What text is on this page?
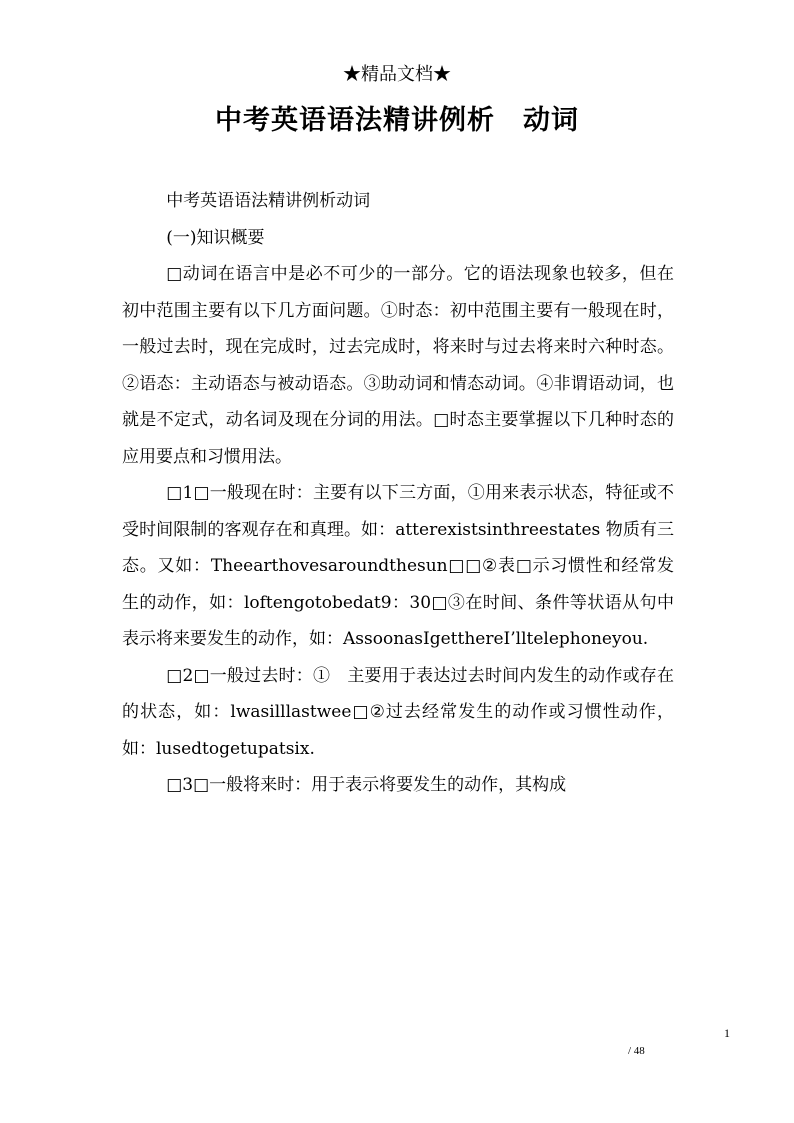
★精品文档★
中考英语语法精讲例析　动词

中考英语语法精讲例析动词

(一)知识概要

□动词在语言中是必不可少的一部分。它的语法现象也较多，但在初中范围主要有以下几方面问题。①时态：初中范围主要有一般现在时，一般过去时，现在完成时，过去完成时，将来时与过去将来时六种时态。②语态：主动语态与被动语态。③助动词和情态动词。④非谓语动词，也就是不定式，动名词及现在分词的用法。□时态主要掌握以下几种时态的应用要点和习惯用法。

□1□一般现在时：主要有以下三方面，①用来表示状态，特征或不受时间限制的客观存在和真理。如：atterexistsinthreestates 物质有三态。又如：Theearthovesaroundthesun□□②表□示习惯性和经常发生的动作，如：loftengotobedat9：30□③在时间、条件等状语从句中表示将来要发生的动作，如：AssoonasIgetthereI’lltelephoneyou.

□2□一般过去时：①　主要用于表达过去时间内发生的动作或存在的状态，如：lwasilllastwee□②过去经常发生的动作或习惯性动作，如：lusedtogetupatsix.

□3□一般将来时：用于表示将要发生的动作，其构成

1
/ 48
